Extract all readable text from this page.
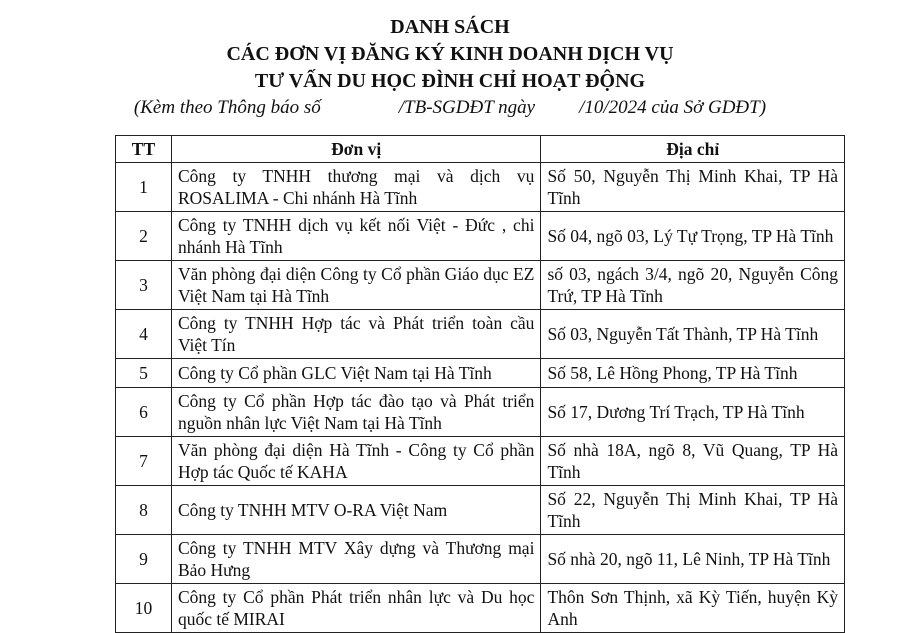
DANH SÁCH
CÁC ĐƠN VỊ ĐĂNG KÝ KINH DOANH DỊCH VỤ
TƯ VẤN DU HỌC ĐÌNH CHỈ HOẠT ĐỘNG
(Kèm theo Thông báo số	/TB-SGDĐT ngày /10/2024 của Sở GDĐT)
TT	Đơn vị	Địa chỉ
1	Công ty TNHH thương mại và dịch vụ ROSALIMA - Chi nhánh Hà Tĩnh	Số 50, Nguyễn Thị Minh Khai, TP Hà Tĩnh
2	Công ty TNHH dịch vụ kết nối Việt - Đức , chi nhánh Hà Tĩnh	Số 04, ngõ 03, Lý Tự Trọng, TP Hà Tĩnh
3	Văn phòng đại diện Công ty Cổ phần Giáo dục EZ Việt Nam tại Hà Tĩnh	số 03, ngách 3/4, ngõ 20, Nguyễn Công Trứ, TP Hà Tĩnh
4	Công ty TNHH Hợp tác và Phát triển toàn cầu Việt Tín	Số 03, Nguyễn Tất Thành, TP Hà Tĩnh
5	Công ty Cổ phần GLC Việt Nam tại Hà Tĩnh	Số 58, Lê Hồng Phong, TP Hà Tĩnh
6	Công ty Cổ phần Hợp tác đào tạo và Phát triển nguồn nhân lực Việt Nam tại Hà Tĩnh	Số 17, Dương Trí Trạch, TP Hà Tĩnh
7	Văn phòng đại diện Hà Tĩnh - Công ty Cổ phần Hợp tác Quốc tế KAHA	Số nhà 18A, ngõ 8, Vũ Quang, TP Hà Tĩnh
8	Công ty TNHH MTV O-RA Việt Nam	Số 22, Nguyễn Thị Minh Khai, TP Hà Tĩnh
9	Công ty TNHH MTV Xây dựng và Thương mại Bảo Hưng	Số nhà 20, ngõ 11, Lê Ninh, TP Hà Tĩnh
10	Công ty Cổ phần Phát triển nhân lực và Du học quốc tế MIRAI	Thôn Sơn Thịnh, xã Kỳ Tiến, huyện Kỳ Anh
